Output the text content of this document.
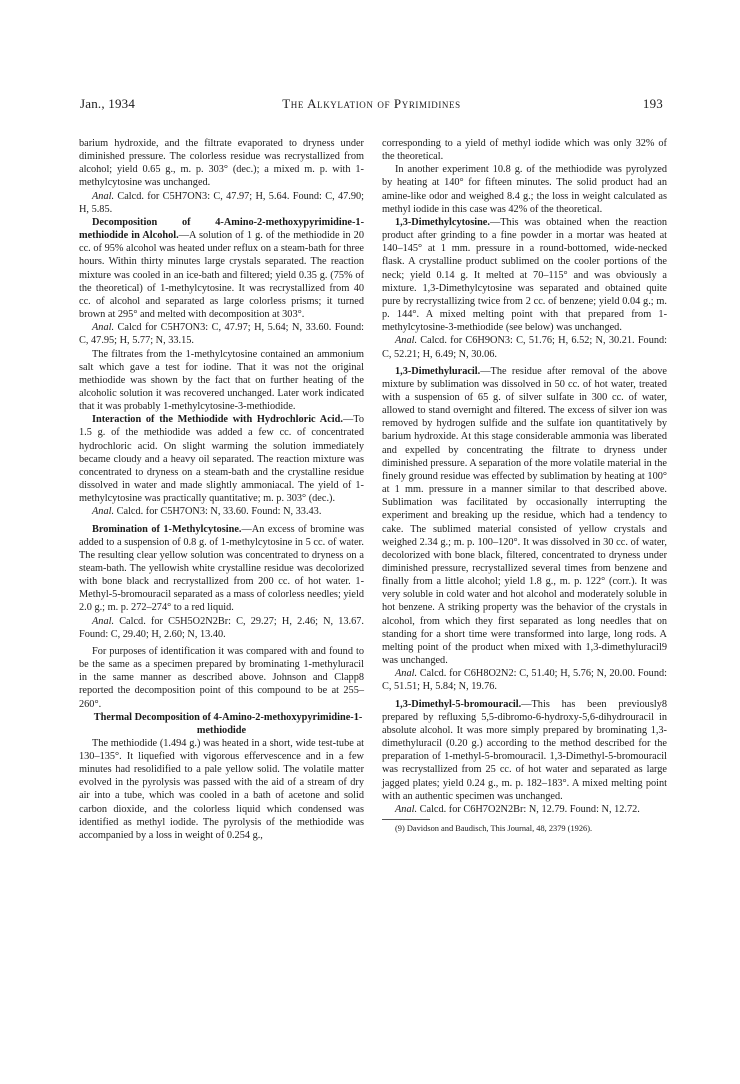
Jan., 1934	The Alkylation of Pyrimidines	193

barium hydroxide, and the filtrate evaporated to dryness under diminished pressure. The colorless residue was recrystallized from alcohol; yield 0.65 g., m. p. 303° (dec.); a mixed m. p. with 1-methylcytosine was unchanged.

Anal. Calcd. for C5H7ON3: C, 47.97; H, 5.64. Found: C, 47.90; H, 5.85.

Decomposition of 4-Amino-2-methoxypyrimidine-1-methiodide in Alcohol.—A solution of 1 g. of the methiodide in 20 cc. of 95% alcohol was heated under reflux on a steam-bath for three hours. Within thirty minutes large crystals separated. The reaction mixture was cooled in an ice-bath and filtered; yield 0.35 g. (75% of the theoretical) of 1-methylcytosine. It was recrystallized from 40 cc. of alcohol and separated as large colorless prisms; it turned brown at 295° and melted with decomposition at 303°.

Anal. Calcd for C5H7ON3: C, 47.97; H, 5.64; N, 33.60. Found: C, 47.95; H, 5.77; N, 33.15.

The filtrates from the 1-methylcytosine contained an ammonium salt which gave a test for iodine. That it was not the original methiodide was shown by the fact that on further heating of the alcoholic solution it was recovered unchanged. Later work indicated that it was probably 1-methylcytosine-3-methiodide.

Interaction of the Methiodide with Hydrochloric Acid.—To 1.5 g. of the methiodide was added a few cc. of concentrated hydrochloric acid. On slight warming the solution immediately became cloudy and a heavy oil separated. The reaction mixture was concentrated to dryness on a steam-bath and the crystalline residue dissolved in water and made slightly ammoniacal. The yield of 1-methylcytosine was practically quantitative; m. p. 303° (dec.).

Anal. Calcd. for C5H7ON3: N, 33.60. Found: N, 33.43.

Bromination of 1-Methylcytosine.—An excess of bromine was added to a suspension of 0.8 g. of 1-methylcytosine in 5 cc. of water. The resulting clear yellow solution was concentrated to dryness on a steam-bath. The yellowish white crystalline residue was decolorized with bone black and recrystallized from 200 cc. of hot water. 1-Methyl-5-bromouracil separated as a mass of colorless needles; yield 2.0 g.; m. p. 272–274° to a red liquid.

Anal. Calcd. for C5H5O2N2Br: C, 29.27; H, 2.46; N, 13.67. Found: C, 29.40; H, 2.60; N, 13.40.

For purposes of identification it was compared with and found to be the same as a specimen prepared by brominating 1-methyluracil in the same manner as described above. Johnson and Clapp8 reported the decomposition point of this compound to be at 255–260°.

Thermal Decomposition of 4-Amino-2-methoxypyrimidine-1-methiodide

The methiodide (1.494 g.) was heated in a short, wide test-tube at 130–135°. It liquefied with vigorous effervescence and in a few minutes had resolidified to a pale yellow solid. The volatile matter evolved in the pyrolysis was passed with the aid of a stream of dry air into a tube, which was cooled in a bath of acetone and solid carbon dioxide, and the colorless liquid which condensed was identified as methyl iodide. The pyrolysis of the methiodide was accompanied by a loss in weight of 0.254 g.,

corresponding to a yield of methyl iodide which was only 32% of the theoretical.

In another experiment 10.8 g. of the methiodide was pyrolyzed by heating at 140° for fifteen minutes. The solid product had an amine-like odor and weighed 8.4 g.; the loss in weight calculated as methyl iodide in this case was 42% of the theoretical.

1,3-Dimethylcytosine.—This was obtained when the reaction product after grinding to a fine powder in a mortar was heated at 140–145° at 1 mm. pressure in a round-bottomed, wide-necked flask. A crystalline product sublimed on the cooler portions of the neck; yield 0.14 g. It melted at 70–115° and was obviously a mixture. 1,3-Dimethylcytosine was separated and obtained quite pure by recrystallizing twice from 2 cc. of benzene; yield 0.04 g.; m. p. 144°. A mixed melting point with that prepared from 1-methylcytosine-3-methiodide (see below) was unchanged.

Anal. Calcd. for C6H9ON3: C, 51.76; H, 6.52; N, 30.21. Found: C, 52.21; H, 6.49; N, 30.06.

1,3-Dimethyluracil.—The residue after removal of the above mixture by sublimation was dissolved in 50 cc. of hot water, treated with a suspension of 65 g. of silver sulfate in 300 cc. of water, allowed to stand overnight and filtered. The excess of silver ion was removed by hydrogen sulfide and the sulfate ion quantitatively by barium hydroxide. At this stage considerable ammonia was liberated and expelled by concentrating the filtrate to dryness under diminished pressure. A separation of the more volatile material in the finely ground residue was effected by sublimation by heating at 100° at 1 mm. pressure in a manner similar to that described above. Sublimation was facilitated by occasionally interrupting the experiment and breaking up the residue, which had a tendency to cake. The sublimed material consisted of yellow crystals and weighed 2.34 g.; m. p. 100–120°. It was dissolved in 30 cc. of water, decolorized with bone black, filtered, concentrated to dryness under diminished pressure, recrystallized several times from benzene and finally from a little alcohol; yield 1.8 g., m. p. 122° (corr.). It was very soluble in cold water and hot alcohol and moderately soluble in hot benzene. A striking property was the behavior of the crystals in alcohol, from which they first separated as long needles that on standing for a short time were transformed into large, long rods. A melting point of the product when mixed with 1,3-dimethyluracil9 was unchanged.

Anal. Calcd. for C6H8O2N2: C, 51.40; H, 5.76; N, 20.00. Found: C, 51.51; H, 5.84; N, 19.76.

1,3-Dimethyl-5-bromouracil.—This has been previously8 prepared by refluxing 5,5-dibromo-6-hydroxy-5,6-dihydrouracil in absolute alcohol. It was more simply prepared by brominating 1,3-dimethyluracil (0.20 g.) according to the method described for the preparation of 1-methyl-5-bromouracil. 1,3-Dimethyl-5-bromouracil was recrystallized from 25 cc. of hot water and separated as large jagged plates; yield 0.24 g., m. p. 182–183°. A mixed melting point with an authentic specimen was unchanged.

Anal. Calcd. for C6H7O2N2Br: N, 12.79. Found: N, 12.72.

(9) Davidson and Baudisch, This Journal, 48, 2379 (1926).
